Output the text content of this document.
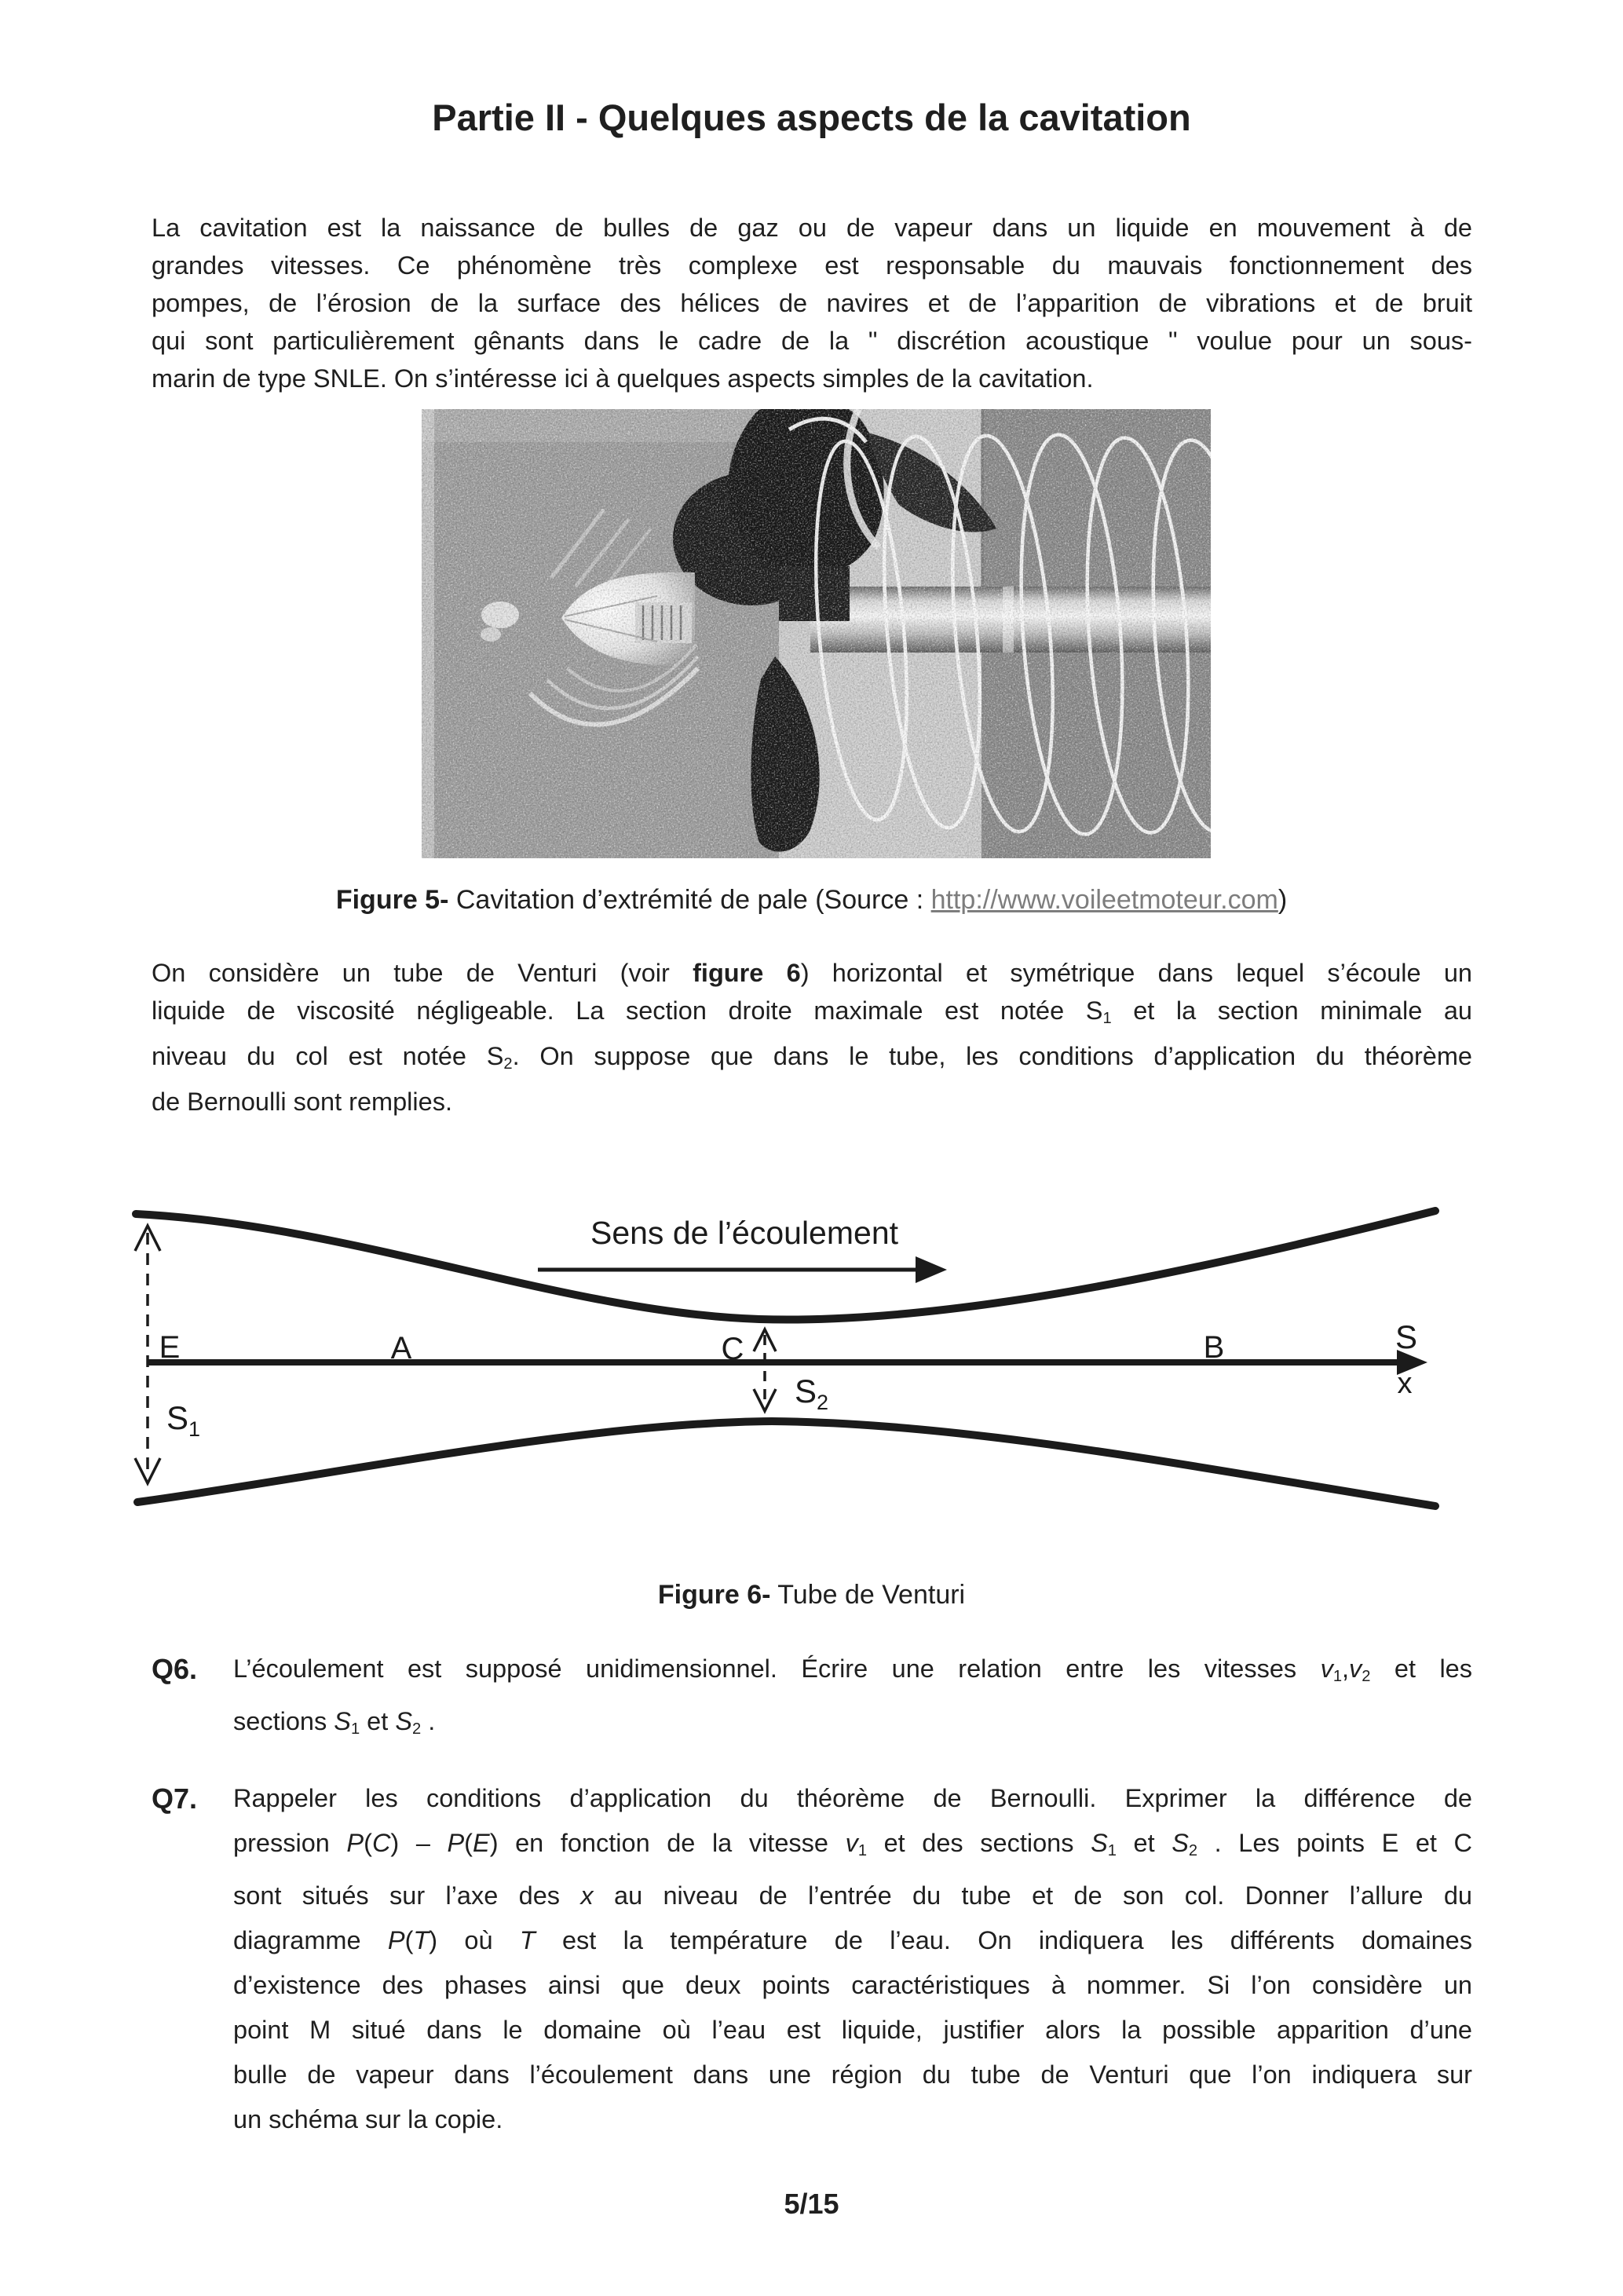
Partie II - Quelques aspects de la cavitation
La cavitation est la naissance de bulles de gaz ou de vapeur dans un liquide en mouvement à de
grandes vitesses. Ce phénomène très complexe est responsable du mauvais fonctionnement des
pompes, de l’érosion de la surface des hélices de navires et de l’apparition de vibrations et de bruit
qui sont particulièrement gênants dans le cadre de la " discrétion acoustique " voulue pour un sous-
marin de type SNLE. On s’intéresse ici à quelques aspects simples de la cavitation.
Figure 5- Cavitation d’extrémité de pale (Source : http://www.voileetmoteur.com)
On considère un tube de Venturi (voir figure 6) horizontal et symétrique dans lequel s’écoule un
liquide de viscosité négligeable. La section droite maximale est notée S1 et la section minimale au
niveau du col est notée S2. On suppose que dans le tube, les conditions d’application du théorème
de Bernoulli sont remplies.
Sens de l’écoulement
E	A	C	B	S
x
$S_1$
$S_2$
Figure 6- Tube de Venturi
Q6. L’écoulement est supposé unidimensionnel. Écrire une relation entre les vitesses v1,v2 et les
sections S1 et S2 .
Q7. Rappeler les conditions d’application du théorème de Bernoulli. Exprimer la différence de
pression P(C) – P(E) en fonction de la vitesse v1 et des sections S1 et S2 . Les points E et C
sont situés sur l’axe des x au niveau de l’entrée du tube et de son col. Donner l’allure du
diagramme P(T) où T est la température de l’eau. On indiquera les différents domaines
d’existence des phases ainsi que deux points caractéristiques à nommer. Si l’on considère un
point M situé dans le domaine où l’eau est liquide, justifier alors la possible apparition d’une
bulle de vapeur dans l’écoulement dans une région du tube de Venturi que l’on indiquera sur
un schéma sur la copie.
5/15
